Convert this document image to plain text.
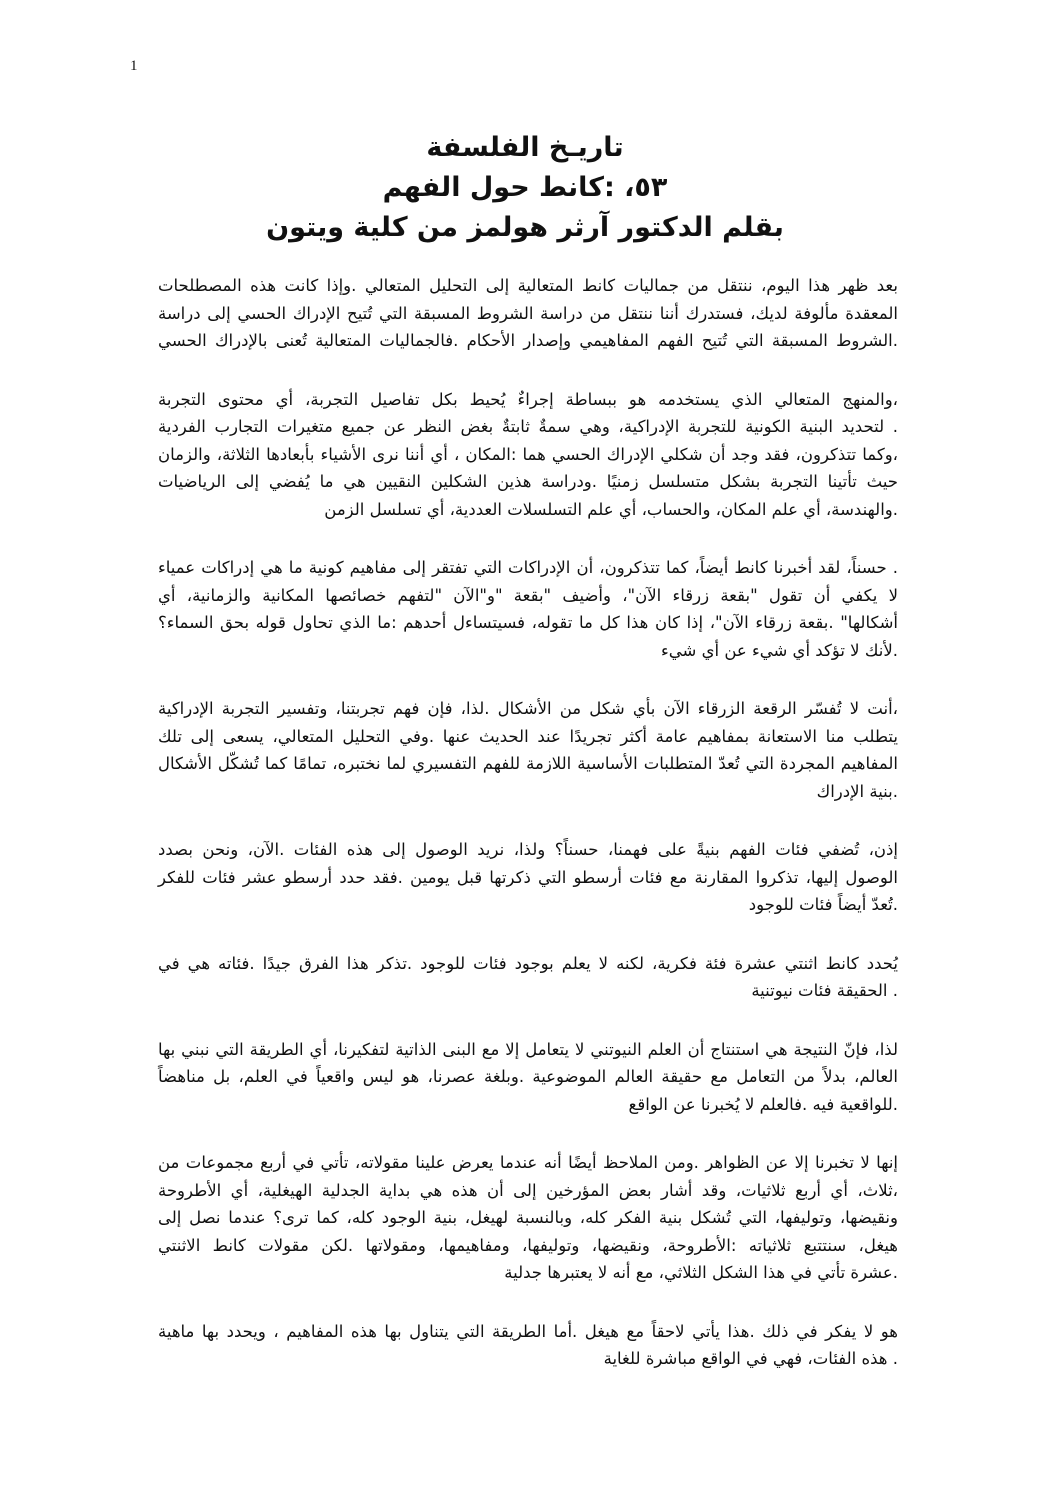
1
تاريـخ الفلسفة
٥٣، :كانط حول الفهم
بقلم الدكتور آرثر هولمز من كلية ويتون
بعد ظهر هذا اليوم، ننتقل من جماليات كانط المتعالية إلى التحليل المتعالي .وإذا كانت هذه المصطلحات
المعقدة مألوفة لديك، فستدرك أننا ننتقل من دراسة الشروط المسبقة التي تُتيح الإدراك الحسي إلى دراسة
.الشروط المسبقة التي تُتيح الفهم المفاهيمي وإصدار الأحكام .فالجماليات المتعالية تُعنى بالإدراك الحسي
،والمنهج المتعالي الذي يستخدمه هو ببساطة إجراءٌ يُحيط بكل تفاصيل التجربة، أي محتوى التجربة
. لتحديد البنية الكونية للتجربة الإدراكية، وهي سمةٌ ثابتةٌ بغض النظر عن جميع متغيرات التجارب الفردية
،وكما تتذكرون، فقد وجد أن شكلي الإدراك الحسي هما :المكان ، أي أننا نرى الأشياء بأبعادها الثلاثة، والزمان
حيث تأتينا التجربة بشكل متسلسل زمنيًا .ودراسة هذين الشكلين النقيين هي ما يُفضي إلى الرياضيات
.والهندسة، أي علم المكان، والحساب، أي علم التسلسلات العددية، أي تسلسل الزمن
. حسناً، لقد أخبرنا كانط أيضاً، كما تتذكرون، أن الإدراكات التي تفتقر إلى مفاهيم كونية ما هي إدراكات عمياء
لا يكفي أن تقول "بقعة زرقاء الآن"، وأضيف "بقعة "و"الآن "لتفهم خصائصها المكانية والزمانية، أي
أشكالها" .بقعة زرقاء الآن"، إذا كان هذا كل ما تقوله، فسيتساءل أحدهم :ما الذي تحاول قوله بحق السماء؟
.لأنك لا تؤكد أي شيء عن أي شيء
،أنت لا تُفسّر الرقعة الزرقاء الآن بأي شكل من الأشكال .لذا، فإن فهم تجربتنا، وتفسير التجربة الإدراكية
يتطلب منا الاستعانة بمفاهيم عامة أكثر تجريدًا عند الحديث عنها .وفي التحليل المتعالي، يسعى إلى تلك
المفاهيم المجردة التي تُعدّ المتطلبات الأساسية اللازمة للفهم التفسيري لما نختبره، تمامًا كما تُشكّل الأشكال
.بنية الإدراك
إذن، تُضفي فئات الفهم بنيةً على فهمنا، حسناً؟ ولذا، نريد الوصول إلى هذه الفئات .الآن، ونحن بصدد
الوصول إليها، تذكروا المقارنة مع فئات أرسطو التي ذكرتها قبل يومين .فقد حدد أرسطو عشر فئات للفكر
.تُعدّ أيضاً فئات للوجود
يُحدد كانط اثنتي عشرة فئة فكرية، لكنه لا يعلم بوجود فئات للوجود .تذكر هذا الفرق جيدًا .فئاته هي في
. الحقيقة فئات نيوتنية
لذا، فإنّ النتيجة هي استنتاج أن العلم النيوتني لا يتعامل إلا مع البنى الذاتية لتفكيرنا، أي الطريقة التي نبني بها
العالم، بدلاً من التعامل مع حقيقة العالم الموضوعية .وبلغة عصرنا، هو ليس واقعياً في العلم، بل مناهضاً
.للواقعية فيه .فالعلم لا يُخبرنا عن الواقع
إنها لا تخبرنا إلا عن الظواهر .ومن الملاحظ أيضًا أنه عندما يعرض علينا مقولاته، تأتي في أربع مجموعات من
،ثلاث، أي أربع ثلاثيات، وقد أشار بعض المؤرخين إلى أن هذه هي بداية الجدلية الهيغلية، أي الأطروحة
ونقيضها، وتوليفها، التي تُشكل بنية الفكر كله، وبالنسبة لهيغل، بنية الوجود كله، كما ترى؟ عندما نصل إلى
هيغل، سنتتبع ثلاثياته :الأطروحة، ونقيضها، وتوليفها، ومفاهيمها، ومقولاتها .لكن مقولات كانط الاثنتي
.عشرة تأتي في هذا الشكل الثلاثي، مع أنه لا يعتبرها جدلية
هو لا يفكر في ذلك .هذا يأتي لاحقاً مع هيغل .أما الطريقة التي يتناول بها هذه المفاهيم ، ويحدد بها ماهية
. هذه الفئات، فهي في الواقع مباشرة للغاية
